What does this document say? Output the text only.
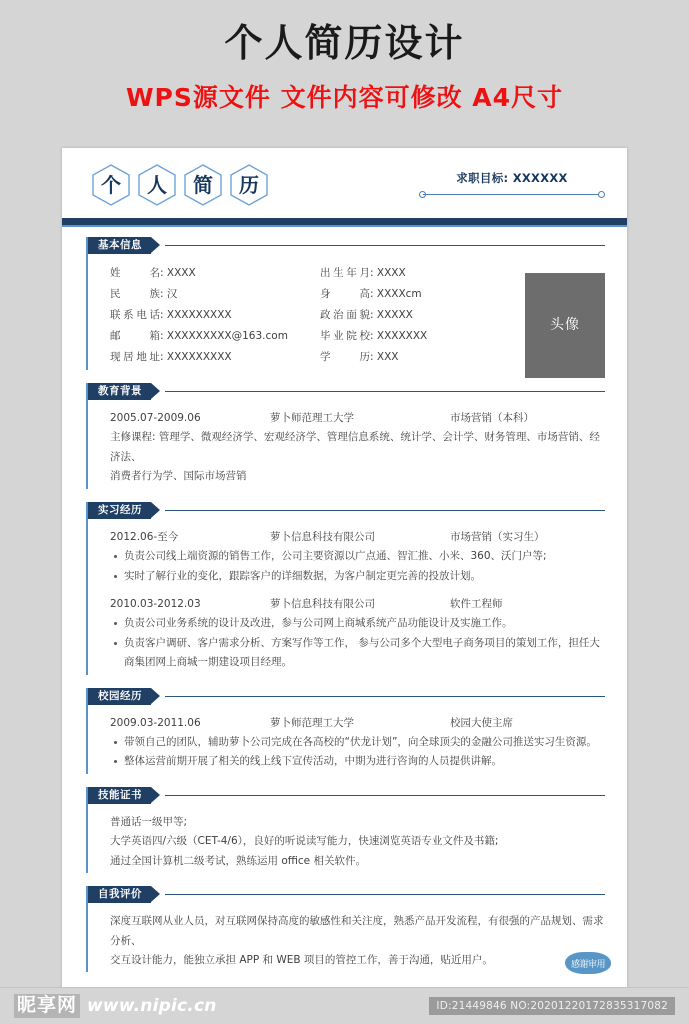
个人简历设计
WPS源文件 文件内容可修改 A4尺寸
个 人 简 历	求职目标: XXXXXX
基本信息
头像
姓名: XXXX	出生年月: XXXX
民族: 汉	身高: XXXXcm
联系电话: XXXXXXXXX	政治面貌: XXXXX
邮箱: XXXXXXXXX@163.com	毕业院校: XXXXXXX
现居地址: XXXXXXXXX	学历: XXX
教育背景
2005.07-2009.06	萝卜师范理工大学	市场营销（本科）
主修课程: 管理学、微观经济学、宏观经济学、管理信息系统、统计学、会计学、财务管理、市场营销、经济法、
消费者行为学、国际市场营销
实习经历
2012.06-至今	萝卜信息科技有限公司	市场营销（实习生）
负责公司线上端资源的销售工作，公司主要资源以广点通、智汇推、小米、360、沃门户等;
实时了解行业的变化，跟踪客户的详细数据，为客户制定更完善的投放计划。
2010.03-2012.03	萝卜信息科技有限公司	软件工程师
负责公司业务系统的设计及改进，参与公司网上商城系统产品功能设计及实施工作。
负责客户调研、客户需求分析、方案写作等工作， 参与公司多个大型电子商务项目的策划工作，担任大商集团网上商城一期建设项目经理。
校园经历
2009.03-2011.06	萝卜师范理工大学	校园大使主席
带领自己的团队，辅助萝卜公司完成在各高校的“伏龙计划”，向全球顶尖的金融公司推送实习生资源。
整体运营前期开展了相关的线上线下宣传活动，中期为进行咨询的人员提供讲解。
技能证书
普通话一级甲等;
大学英语四/六级（CET-4/6），良好的听说读写能力，快速浏览英语专业文件及书籍;
通过全国计算机二级考试，熟练运用 office 相关软件。
自我评价
深度互联网从业人员，对互联网保持高度的敏感性和关注度，熟悉产品开发流程，有很强的产品规划、需求分析、
交互设计能力，能独立承担 APP 和 WEB 项目的管控工作，善于沟通，贴近用户。	感谢审用
昵享网 www.nipic.cn	ID:21449846 NO:20201220172835317082
